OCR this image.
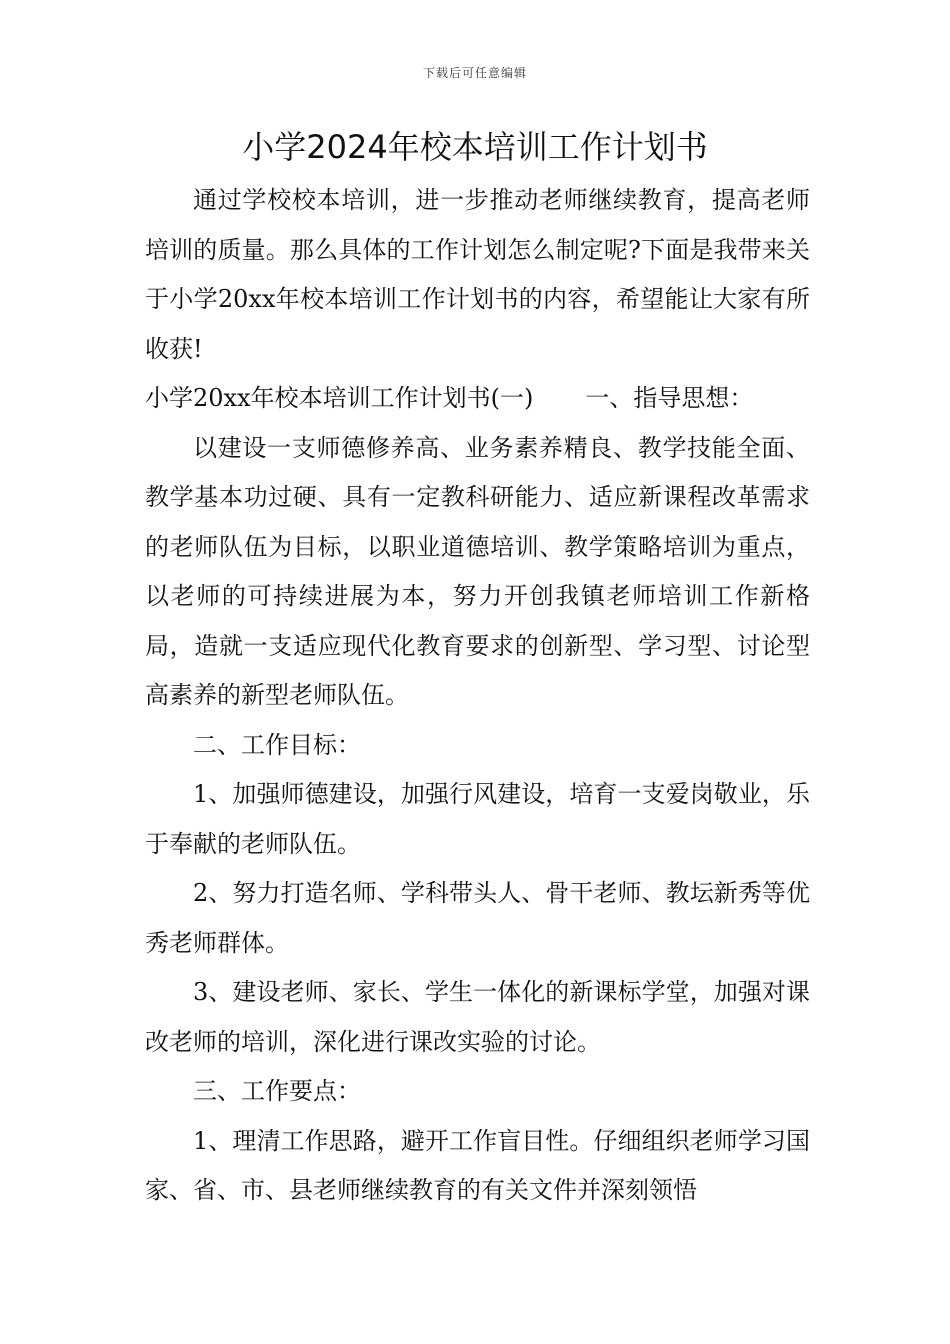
下载后可任意编辑
小学2024年校本培训工作计划书

通过学校校本培训，进一步推动老师继续教育，提高老师培训的质量。那么具体的工作计划怎么制定呢?下面是我带来关于小学20xx年校本培训工作计划书的内容，希望能让大家有所收获!

小学20xx年校本培训工作计划书(一) 一、指导思想：

以建设一支师德修养高、业务素养精良、教学技能全面、教学基本功过硬、具有一定教科研能力、适应新课程改革需求的老师队伍为目标，以职业道德培训、教学策略培训为重点，以老师的可持续进展为本，努力开创我镇老师培训工作新格局，造就一支适应现代化教育要求的创新型、学习型、讨论型高素养的新型老师队伍。

二、工作目标：

1、加强师德建设，加强行风建设，培育一支爱岗敬业，乐于奉献的老师队伍。

2、努力打造名师、学科带头人、骨干老师、教坛新秀等优秀老师群体。

3、建设老师、家长、学生一体化的新课标学堂，加强对课改老师的培训，深化进行课改实验的讨论。

三、工作要点：

1、理清工作思路，避开工作盲目性。仔细组织老师学习国家、省、市、县老师继续教育的有关文件并深刻领悟
